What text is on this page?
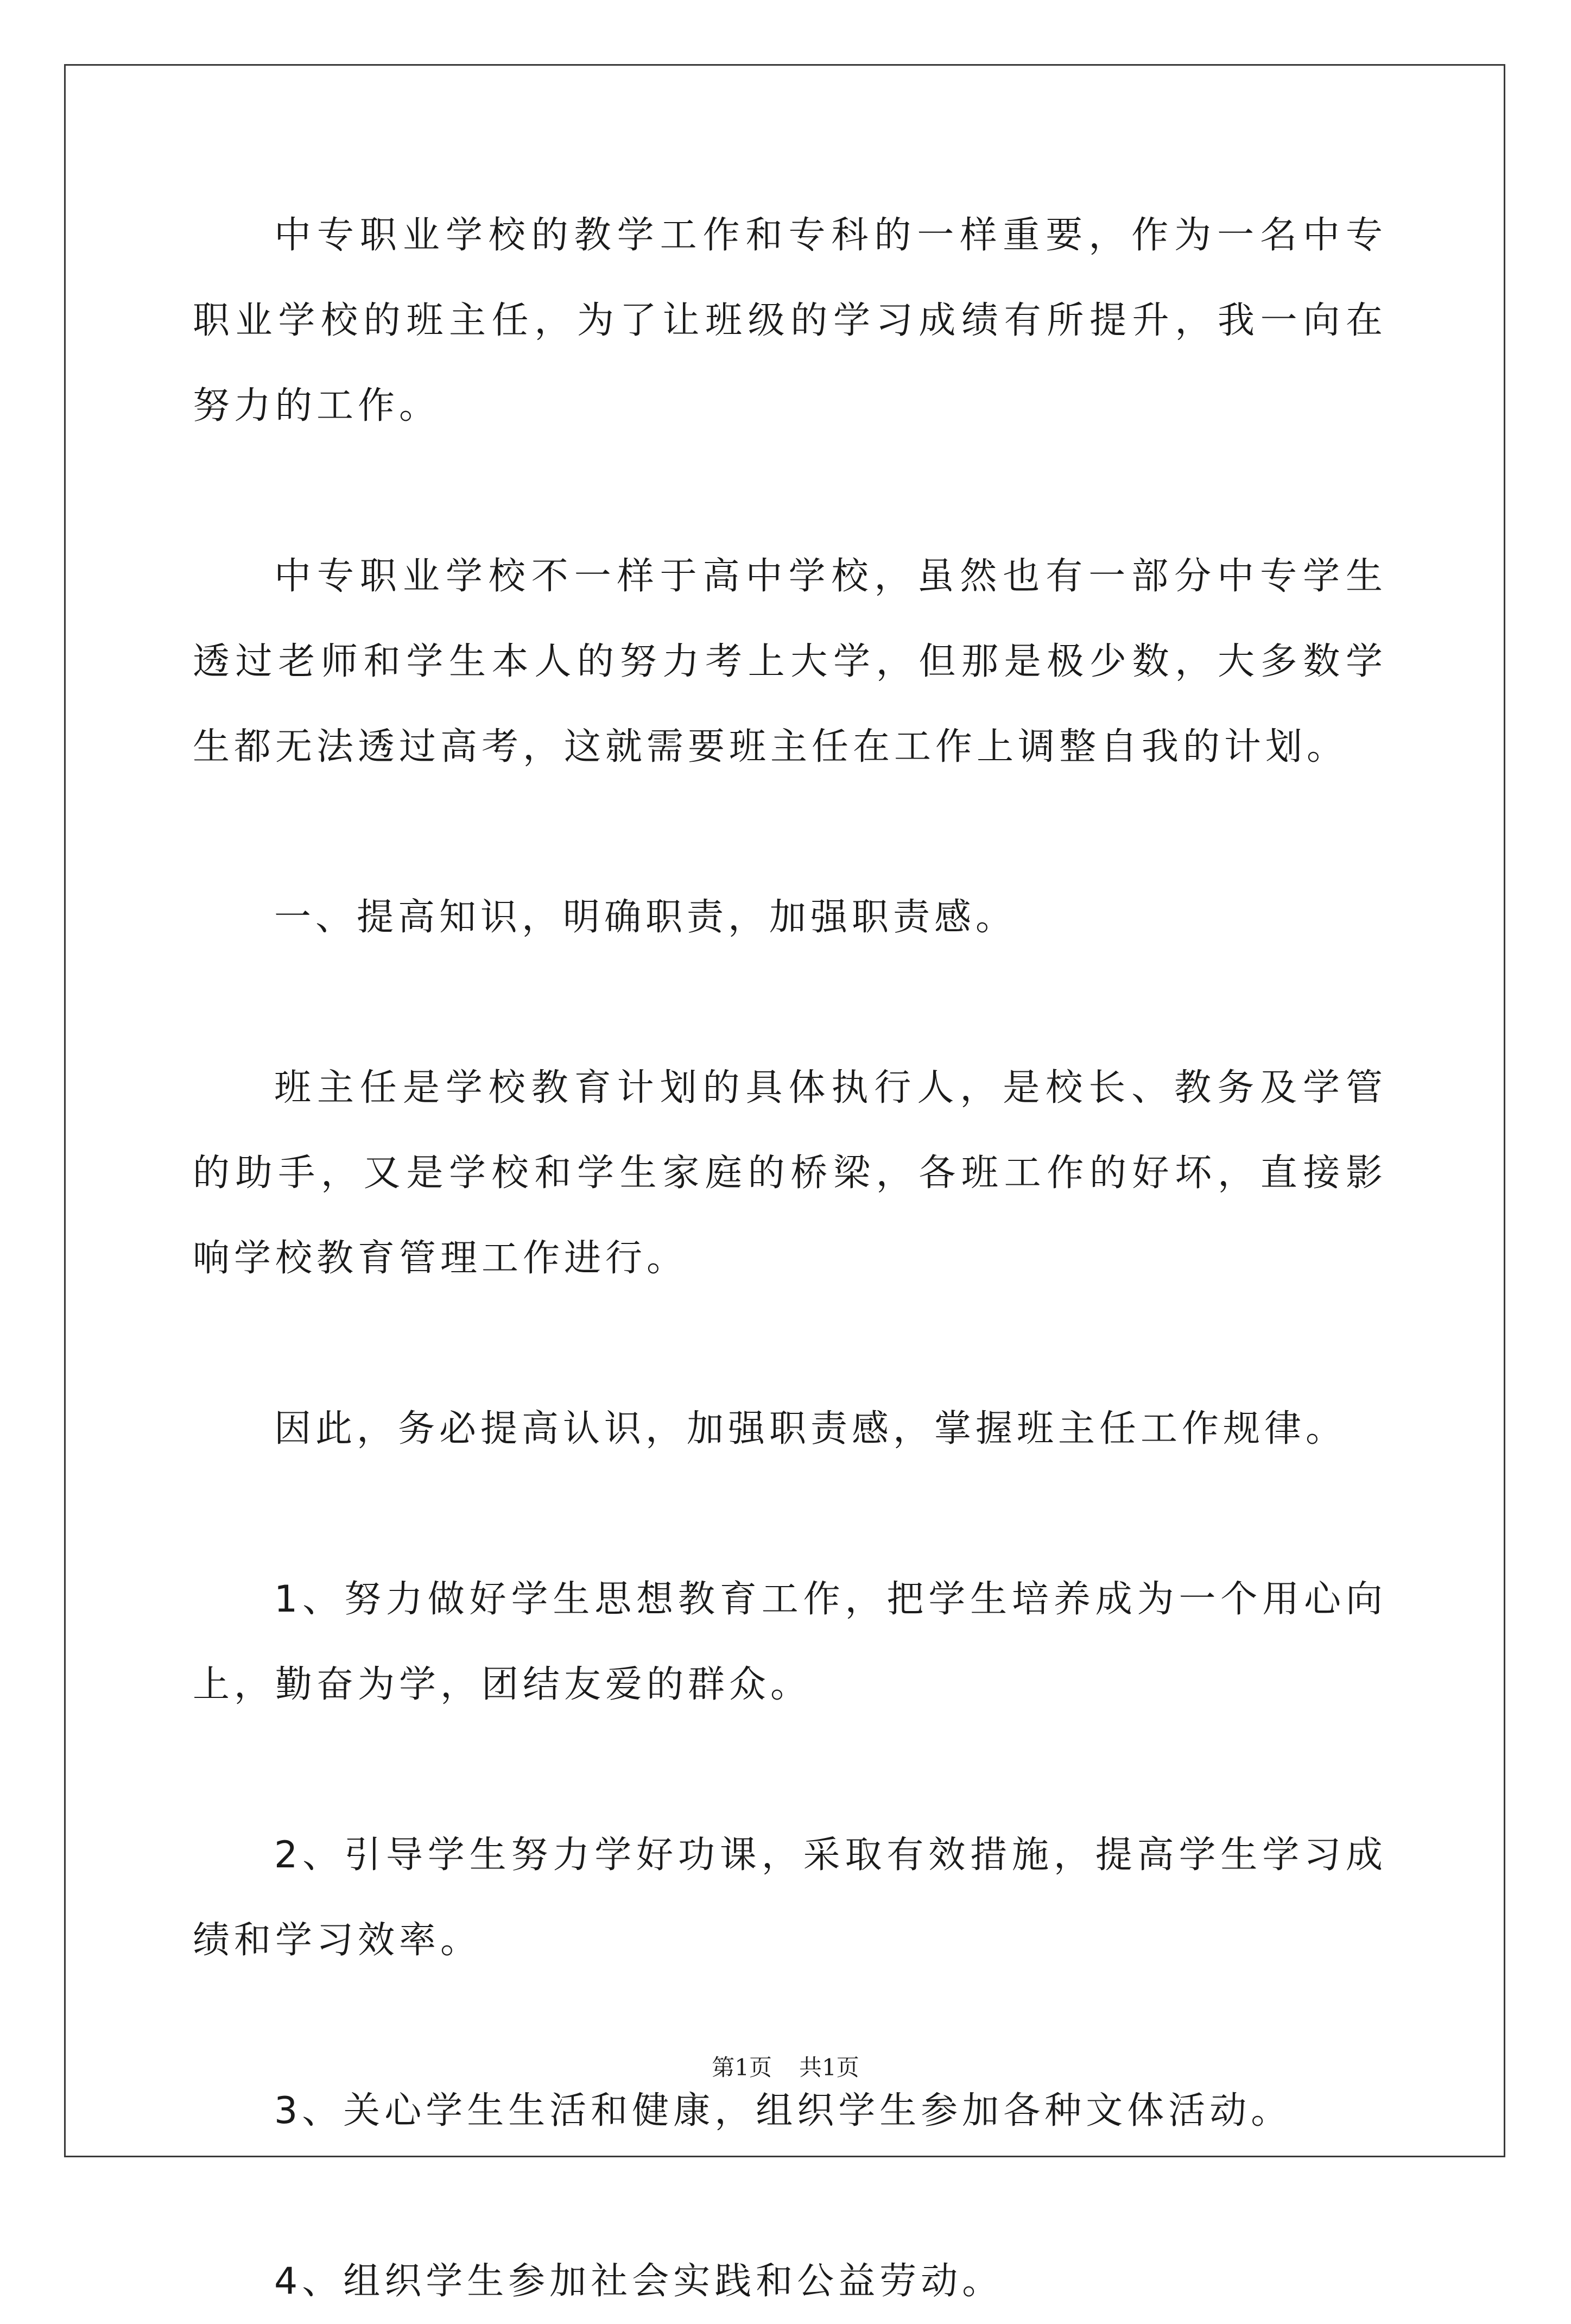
中专职业学校的教学工作和专科的一样重要，作为一名中专职业学校的班主任，为了让班级的学习成绩有所提升，我一向在努力的工作。

中专职业学校不一样于高中学校，虽然也有一部分中专学生透过老师和学生本人的努力考上大学，但那是极少数，大多数学生都无法透过高考，这就需要班主任在工作上调整自我的计划。

一、提高知识，明确职责，加强职责感。

班主任是学校教育计划的具体执行人，是校长、教务及学管的助手，又是学校和学生家庭的桥梁，各班工作的好坏，直接影响学校教育管理工作进行。

因此，务必提高认识，加强职责感，掌握班主任工作规律。

1、努力做好学生思想教育工作，把学生培养成为一个用心向上，勤奋为学，团结友爱的群众。

2、引导学生努力学好功课，采取有效措施，提高学生学习成绩和学习效率。

3、关心学生生活和健康，组织学生参加各种文体活动。

4、组织学生参加社会实践和公益劳动。

第1页 共1页
